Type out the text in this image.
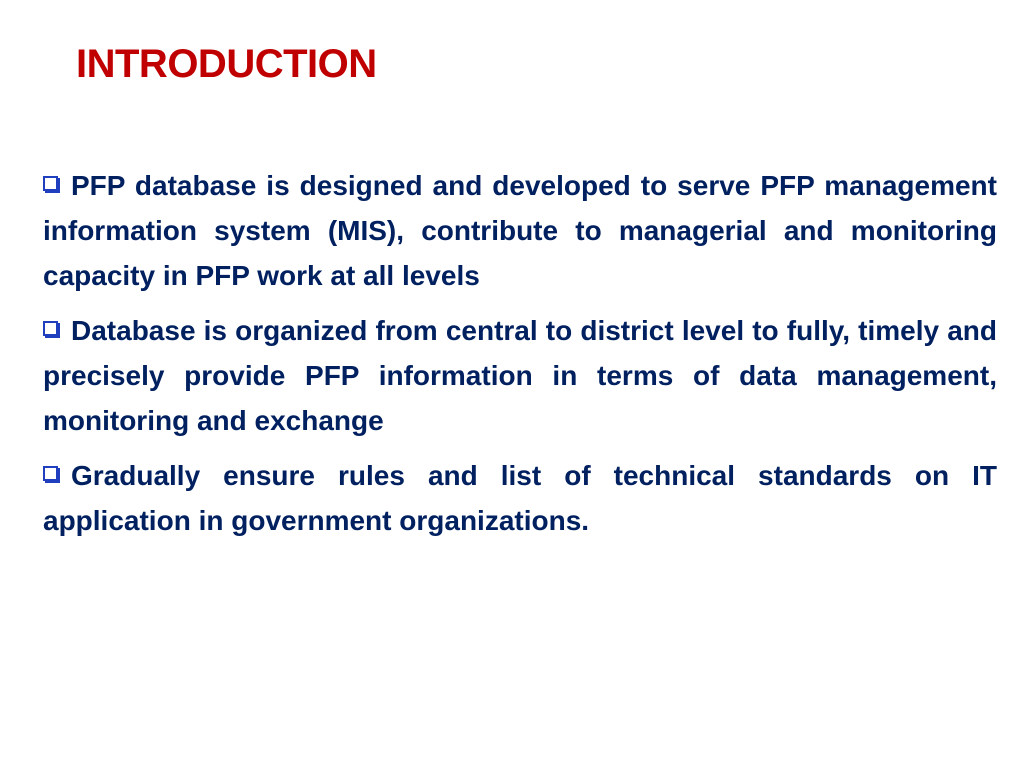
INTRODUCTION
PFP database is designed and developed to serve PFP management information system (MIS), contribute to managerial and monitoring capacity in PFP work at all levels
Database is organized from central to district level to fully, timely and precisely provide PFP information in terms of data management, monitoring and exchange
Gradually ensure rules and list of technical standards on IT application in government organizations.
